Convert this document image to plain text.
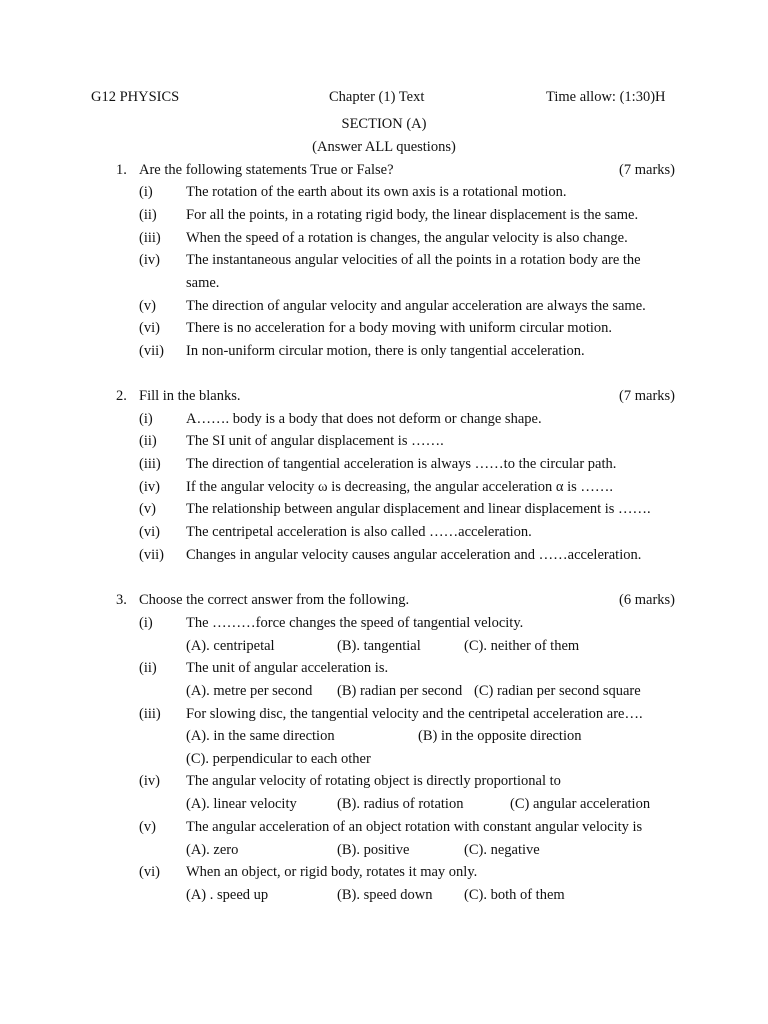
G12 PHYSICS	Chapter (1) Text	Time allow: (1:30)H
SECTION (A)
(Answer ALL questions)
1. Are the following statements True or False?	(7 marks)
(i) The rotation of the earth about its own axis is a rotational motion.
(ii) For all the points, in a rotating rigid body, the linear displacement is the same.
(iii) When the speed of a rotation is changes, the angular velocity is also change.
(iv) The instantaneous angular velocities of all the points in a rotation body are the
same.
(v) The direction of angular velocity and angular acceleration are always the same.
(vi) There is no acceleration for a body moving with uniform circular motion.
(vii) In non-uniform circular motion, there is only tangential acceleration.
2. Fill in the blanks.	(7 marks)
(i) A……. body is a body that does not deform or change shape.
(ii) The SI unit of angular displacement is …….
(iii) The direction of tangential acceleration is always ……to the circular path.
(iv) If the angular velocity ω is decreasing, the angular acceleration α is …….
(v) The relationship between angular displacement and linear displacement is …….
(vi) The centripetal acceleration is also called ……acceleration.
(vii) Changes in angular velocity causes angular acceleration and ……acceleration.
3. Choose the correct answer from the following.	(6 marks)
(i) The ………force changes the speed of tangential velocity.
(A). centripetal	(B). tangential	(C). neither of them
(ii) The unit of angular acceleration is.
(A). metre per second (B) radian per second (C) radian per second square
(iii) For slowing disc, the tangential velocity and the centripetal acceleration are….
(A). in the same direction	(B) in the opposite direction
(C). perpendicular to each other
(iv) The angular velocity of rotating object is directly proportional to
(A). linear velocity	(B). radius of rotation	(C) angular acceleration
(v) The angular acceleration of an object rotation with constant angular velocity is
(A). zero	(B). positive	(C). negative
(vi) When an object, or rigid body, rotates it may only.
(A) . speed up	(B). speed down (C). both of them
